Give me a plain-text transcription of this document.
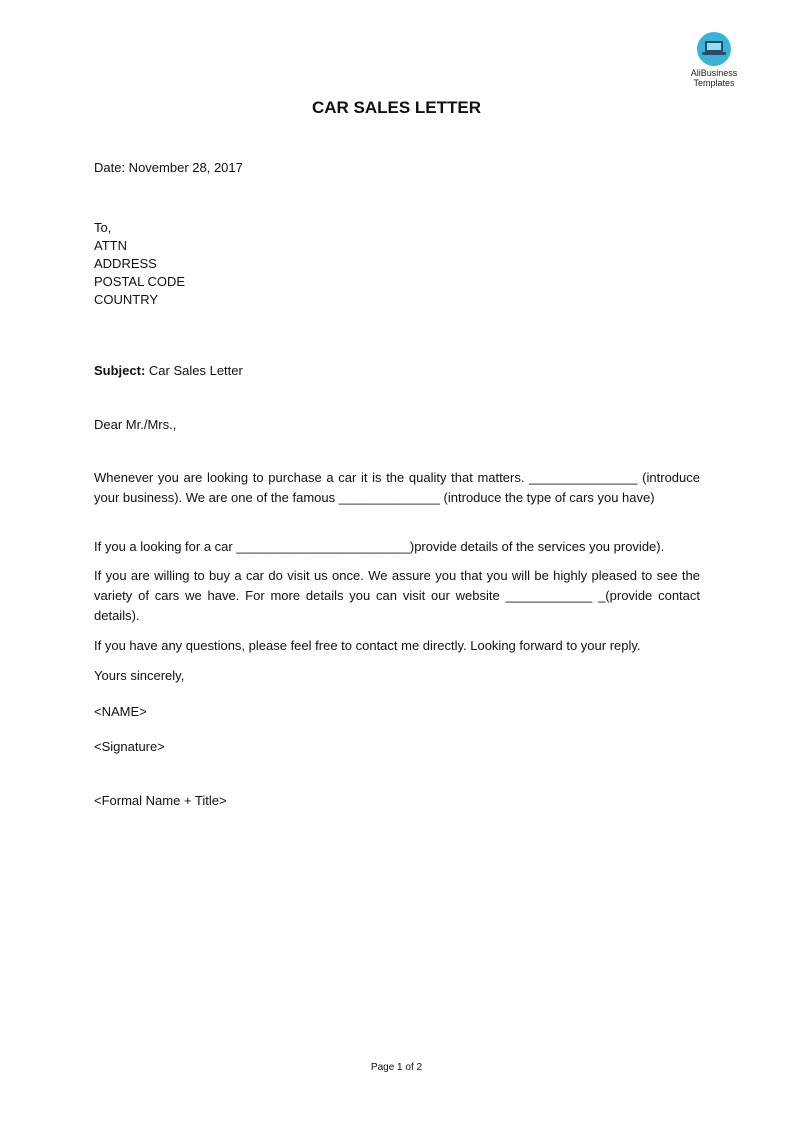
AliBusiness
Templates
CAR SALES LETTER
Date: November 28, 2017
To,
ATTN
ADDRESS
POSTAL CODE
COUNTRY
Subject: Car Sales Letter
Dear Mr./Mrs.,
Whenever you are looking to purchase a car it is the quality that matters. _______________ (introduce your business). We are one of the famous ______________ (introduce the type of cars you have)
If you a looking for a car ________________________)provide details of the services you provide).
If you are willing to buy a car do visit us once. We assure you that you will be highly pleased to see the variety of cars we have. For more details you can visit our website ____________ _(provide contact details).
If you have any questions, please feel free to contact me directly. Looking forward to your reply.
Yours sincerely,
<NAME>
<Signature>
<Formal Name + Title>
Page 1 of 2
